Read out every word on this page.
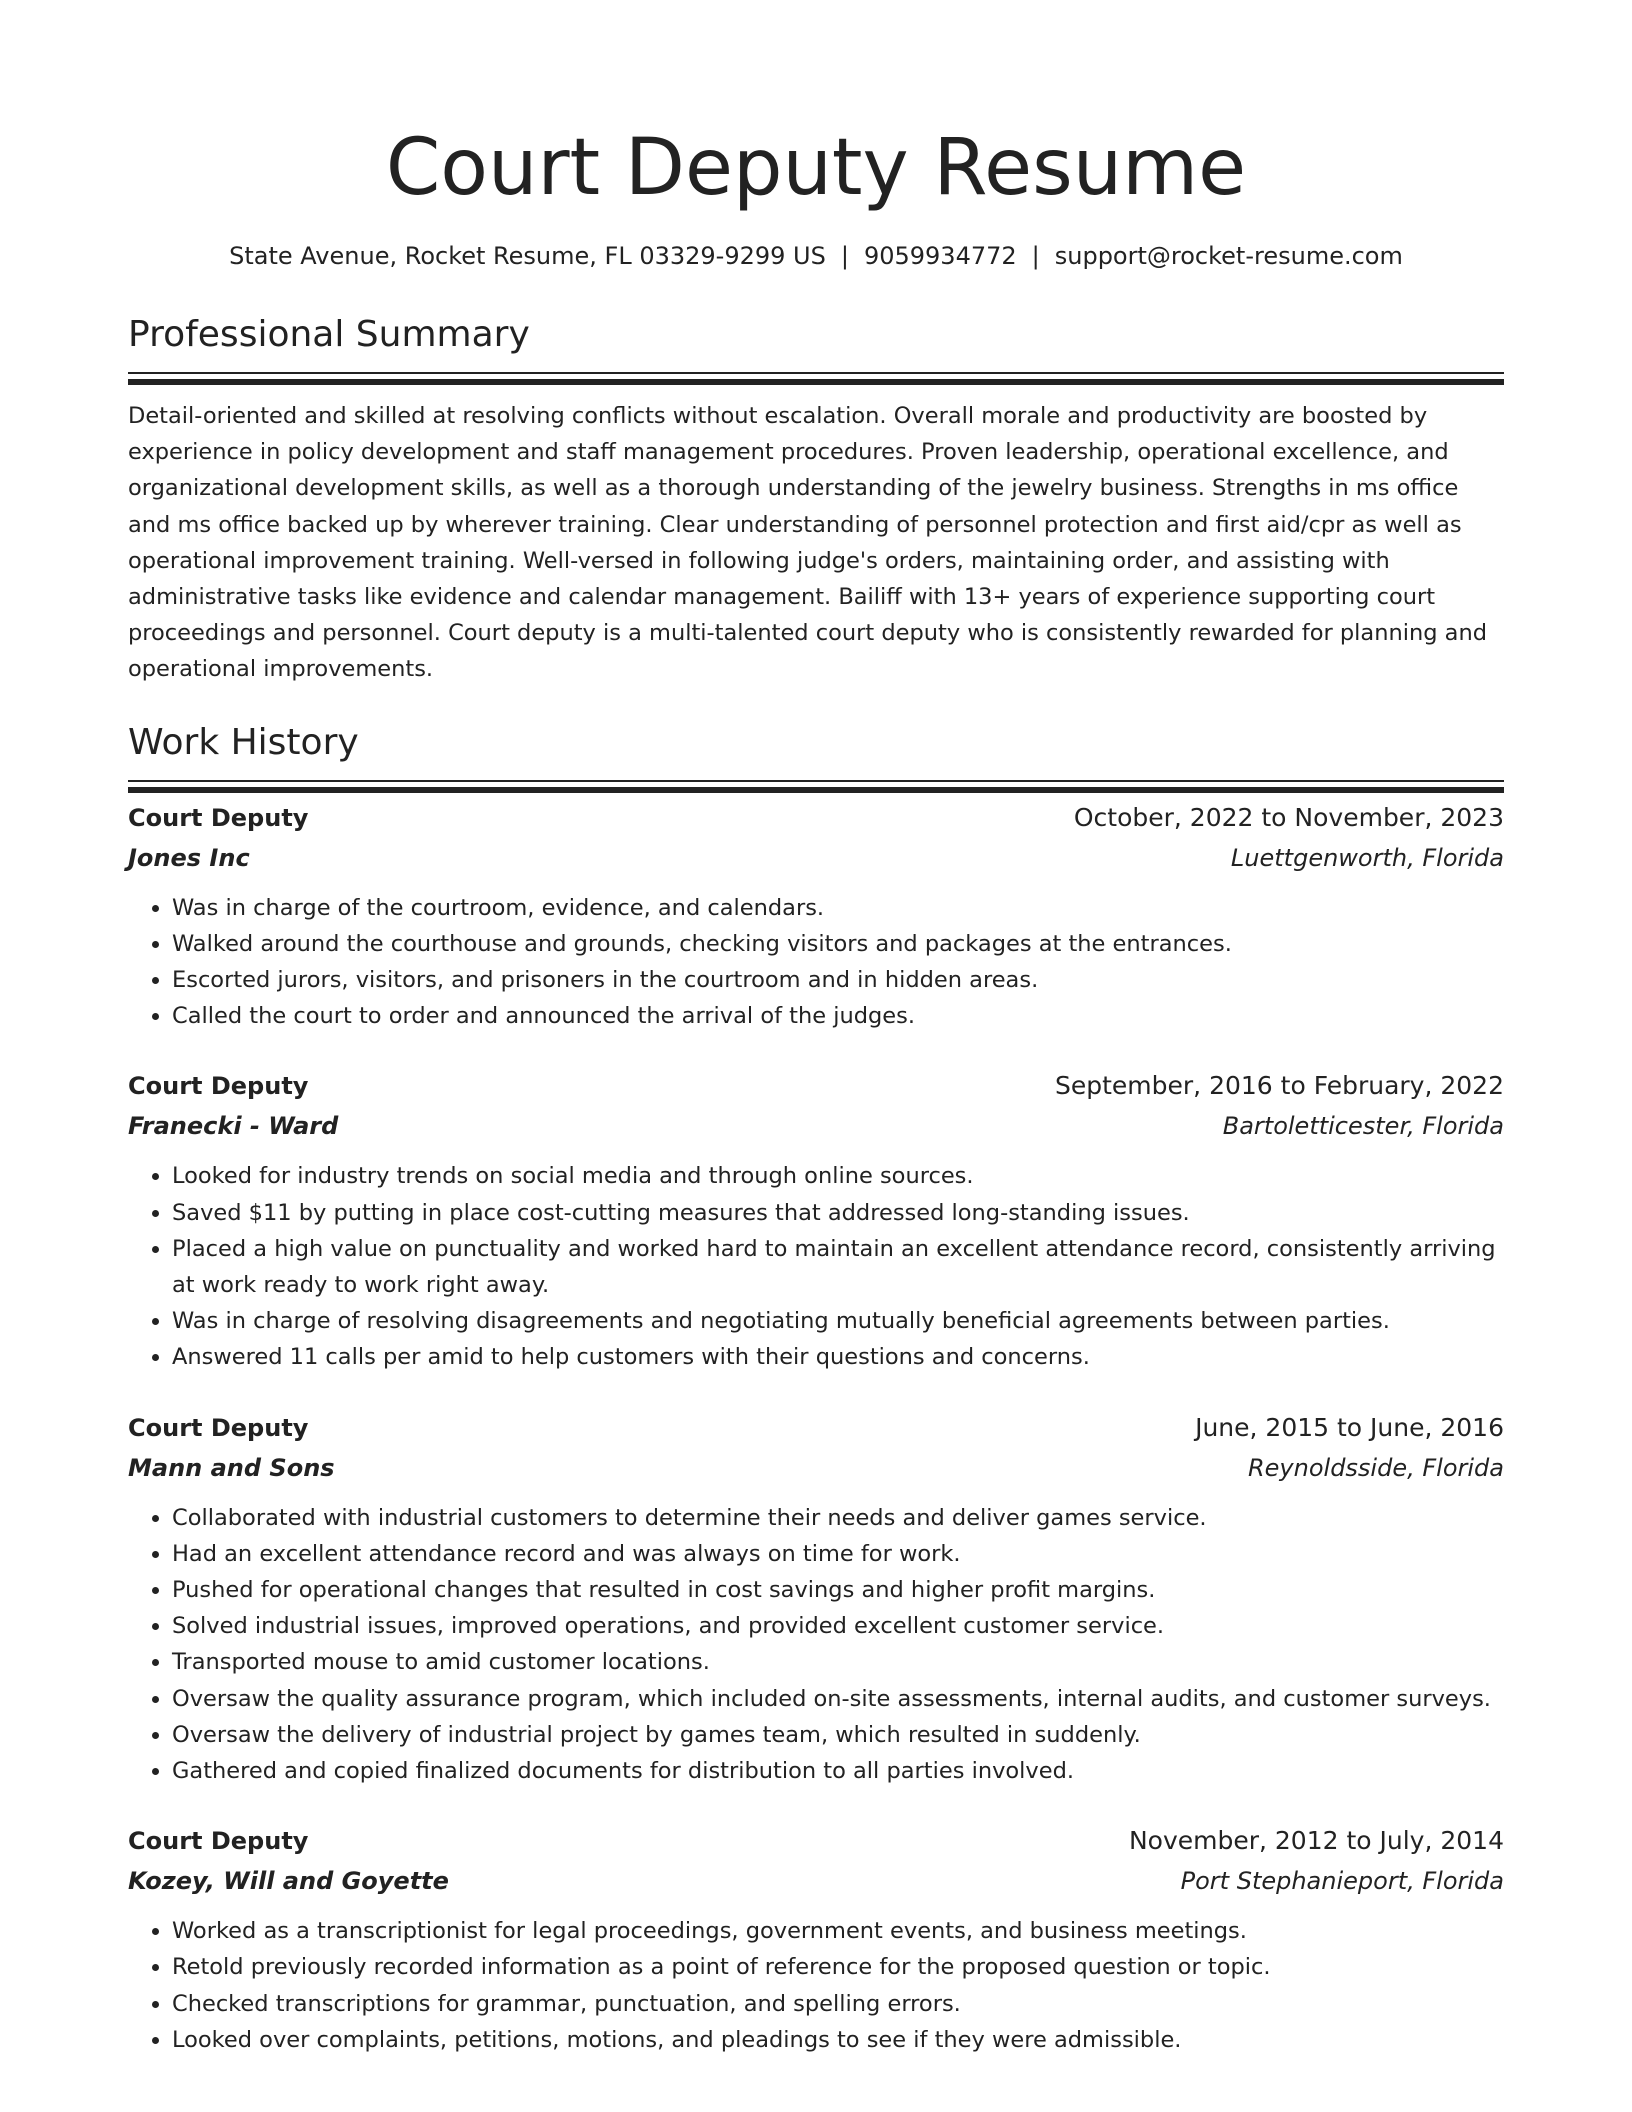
Court Deputy Resume
State Avenue, Rocket Resume, FL 03329-9299 US | 9059934772 | support@rocket-resume.com
Professional Summary

Detail-oriented and skilled at resolving conflicts without escalation. Overall morale and productivity are boosted by experience in policy development and staff management procedures. Proven leadership, operational excellence, and organizational development skills, as well as a thorough understanding of the jewelry business. Strengths in ms office and ms office backed up by wherever training. Clear understanding of personnel protection and first aid/cpr as well as operational improvement training. Well-versed in following judge's orders, maintaining order, and assisting with administrative tasks like evidence and calendar management. Bailiff with 13+ years of experience supporting court proceedings and personnel. Court deputy is a multi-talented court deputy who is consistently rewarded for planning and operational improvements.

Work History
Court Deputy	October, 2022 to November, 2023
Jones Inc	Luettgenworth, Florida
• Was in charge of the courtroom, evidence, and calendars.
• Walked around the courthouse and grounds, checking visitors and packages at the entrances.
• Escorted jurors, visitors, and prisoners in the courtroom and in hidden areas.
• Called the court to order and announced the arrival of the judges.
Court Deputy	September, 2016 to February, 2022
Franecki - Ward	Bartoletticester, Florida
• Looked for industry trends on social media and through online sources.
• Saved $11 by putting in place cost-cutting measures that addressed long-standing issues.
• Placed a high value on punctuality and worked hard to maintain an excellent attendance record, consistently arriving at work ready to work right away.
• Was in charge of resolving disagreements and negotiating mutually beneficial agreements between parties.
• Answered 11 calls per amid to help customers with their questions and concerns.
Court Deputy	June, 2015 to June, 2016
Mann and Sons	Reynoldsside, Florida
• Collaborated with industrial customers to determine their needs and deliver games service.
• Had an excellent attendance record and was always on time for work.
• Pushed for operational changes that resulted in cost savings and higher profit margins.
• Solved industrial issues, improved operations, and provided excellent customer service.
• Transported mouse to amid customer locations.
• Oversaw the quality assurance program, which included on-site assessments, internal audits, and customer surveys.
• Oversaw the delivery of industrial project by games team, which resulted in suddenly.
• Gathered and copied finalized documents for distribution to all parties involved.
Court Deputy	November, 2012 to July, 2014
Kozey, Will and Goyette	Port Stephanieport, Florida
• Worked as a transcriptionist for legal proceedings, government events, and business meetings.
• Retold previously recorded information as a point of reference for the proposed question or topic.
• Checked transcriptions for grammar, punctuation, and spelling errors.
• Looked over complaints, petitions, motions, and pleadings to see if they were admissible.
